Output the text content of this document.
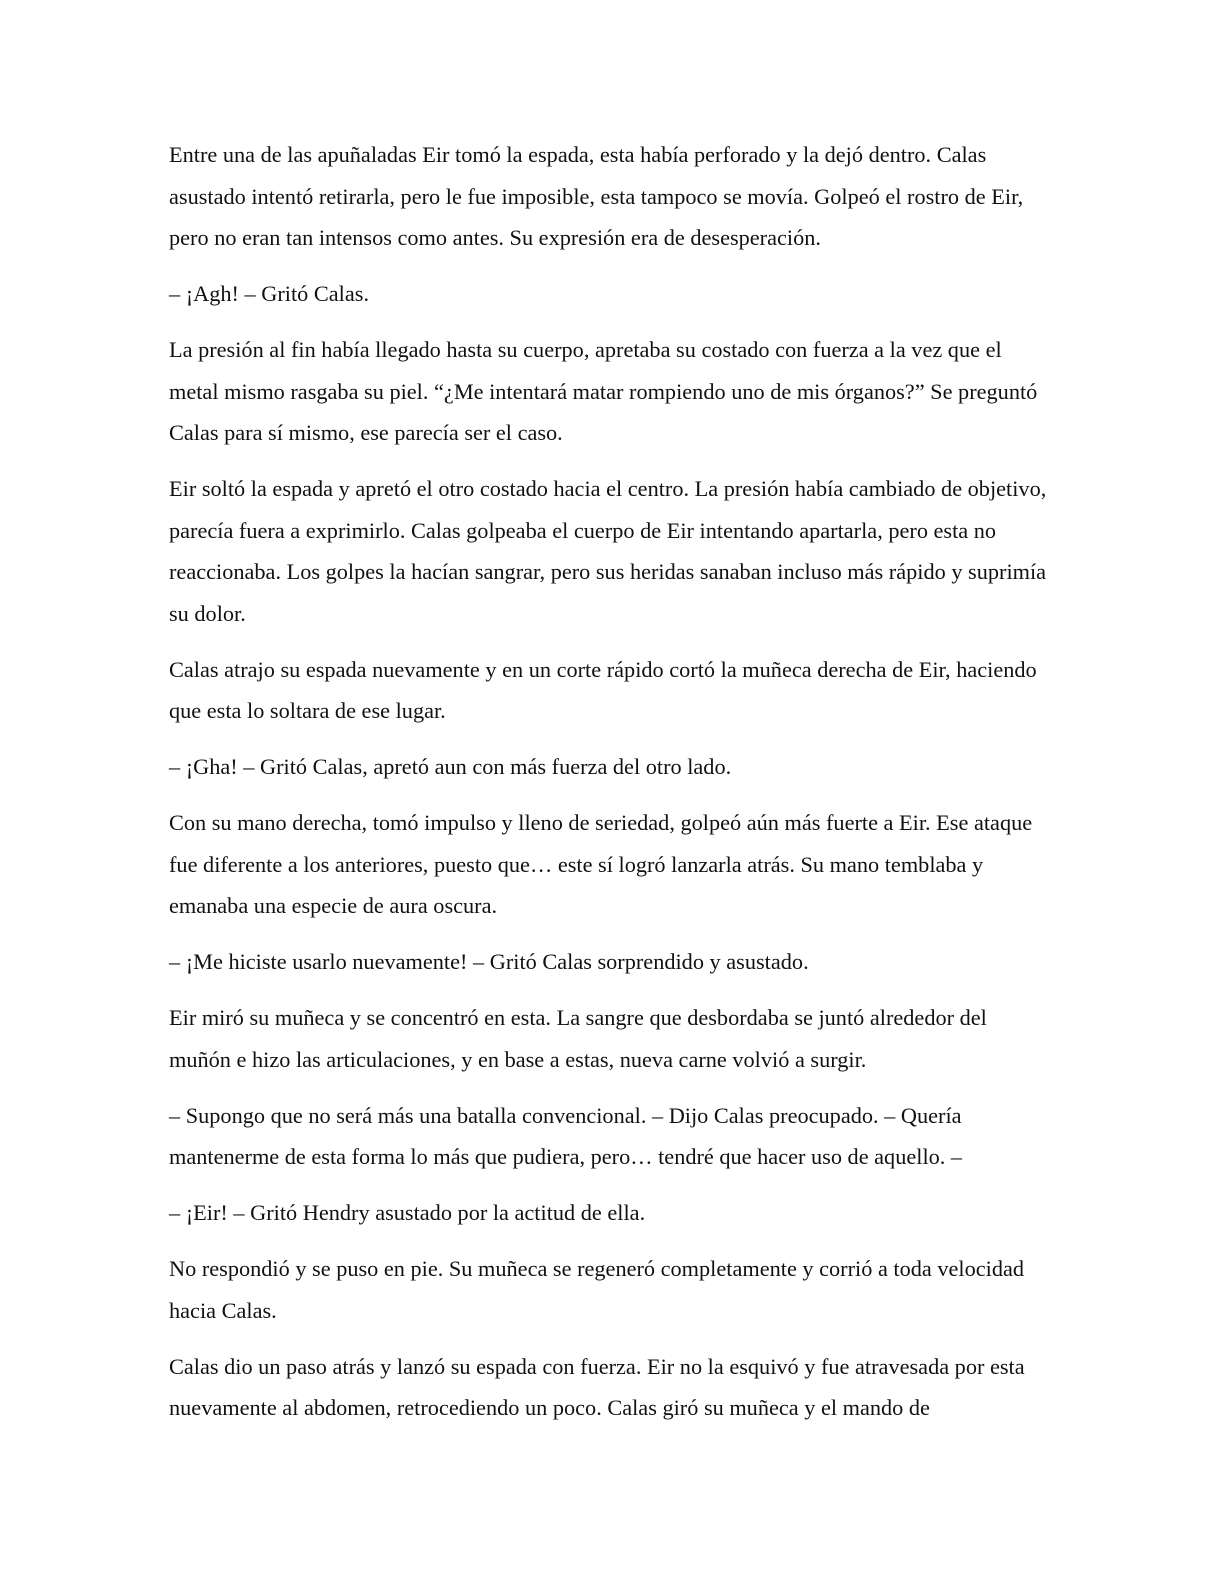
Entre una de las apuñaladas Eir tomó la espada, esta había perforado y la dejó dentro. Calas asustado intentó retirarla, pero le fue imposible, esta tampoco se movía. Golpeó el rostro de Eir, pero no eran tan intensos como antes. Su expresión era de desesperación.

– ¡Agh! – Gritó Calas.

La presión al fin había llegado hasta su cuerpo, apretaba su costado con fuerza a la vez que el metal mismo rasgaba su piel. “¿Me intentará matar rompiendo uno de mis órganos?” Se preguntó Calas para sí mismo, ese parecía ser el caso.

Eir soltó la espada y apretó el otro costado hacia el centro. La presión había cambiado de objetivo, parecía fuera a exprimirlo. Calas golpeaba el cuerpo de Eir intentando apartarla, pero esta no reaccionaba. Los golpes la hacían sangrar, pero sus heridas sanaban incluso más rápido y suprimía su dolor.

Calas atrajo su espada nuevamente y en un corte rápido cortó la muñeca derecha de Eir, haciendo que esta lo soltara de ese lugar.

– ¡Gha! – Gritó Calas, apretó aun con más fuerza del otro lado.

Con su mano derecha, tomó impulso y lleno de seriedad, golpeó aún más fuerte a Eir. Ese ataque fue diferente a los anteriores, puesto que… este sí logró lanzarla atrás. Su mano temblaba y emanaba una especie de aura oscura.

– ¡Me hiciste usarlo nuevamente! – Gritó Calas sorprendido y asustado.

Eir miró su muñeca y se concentró en esta. La sangre que desbordaba se juntó alrededor del muñón e hizo las articulaciones, y en base a estas, nueva carne volvió a surgir.

– Supongo que no será más una batalla convencional. – Dijo Calas preocupado. – Quería mantenerme de esta forma lo más que pudiera, pero… tendré que hacer uso de aquello. –

– ¡Eir! – Gritó Hendry asustado por la actitud de ella.

No respondió y se puso en pie. Su muñeca se regeneró completamente y corrió a toda velocidad hacia Calas.

Calas dio un paso atrás y lanzó su espada con fuerza. Eir no la esquivó y fue atravesada por esta nuevamente al abdomen, retrocediendo un poco. Calas giró su muñeca y el mando de
